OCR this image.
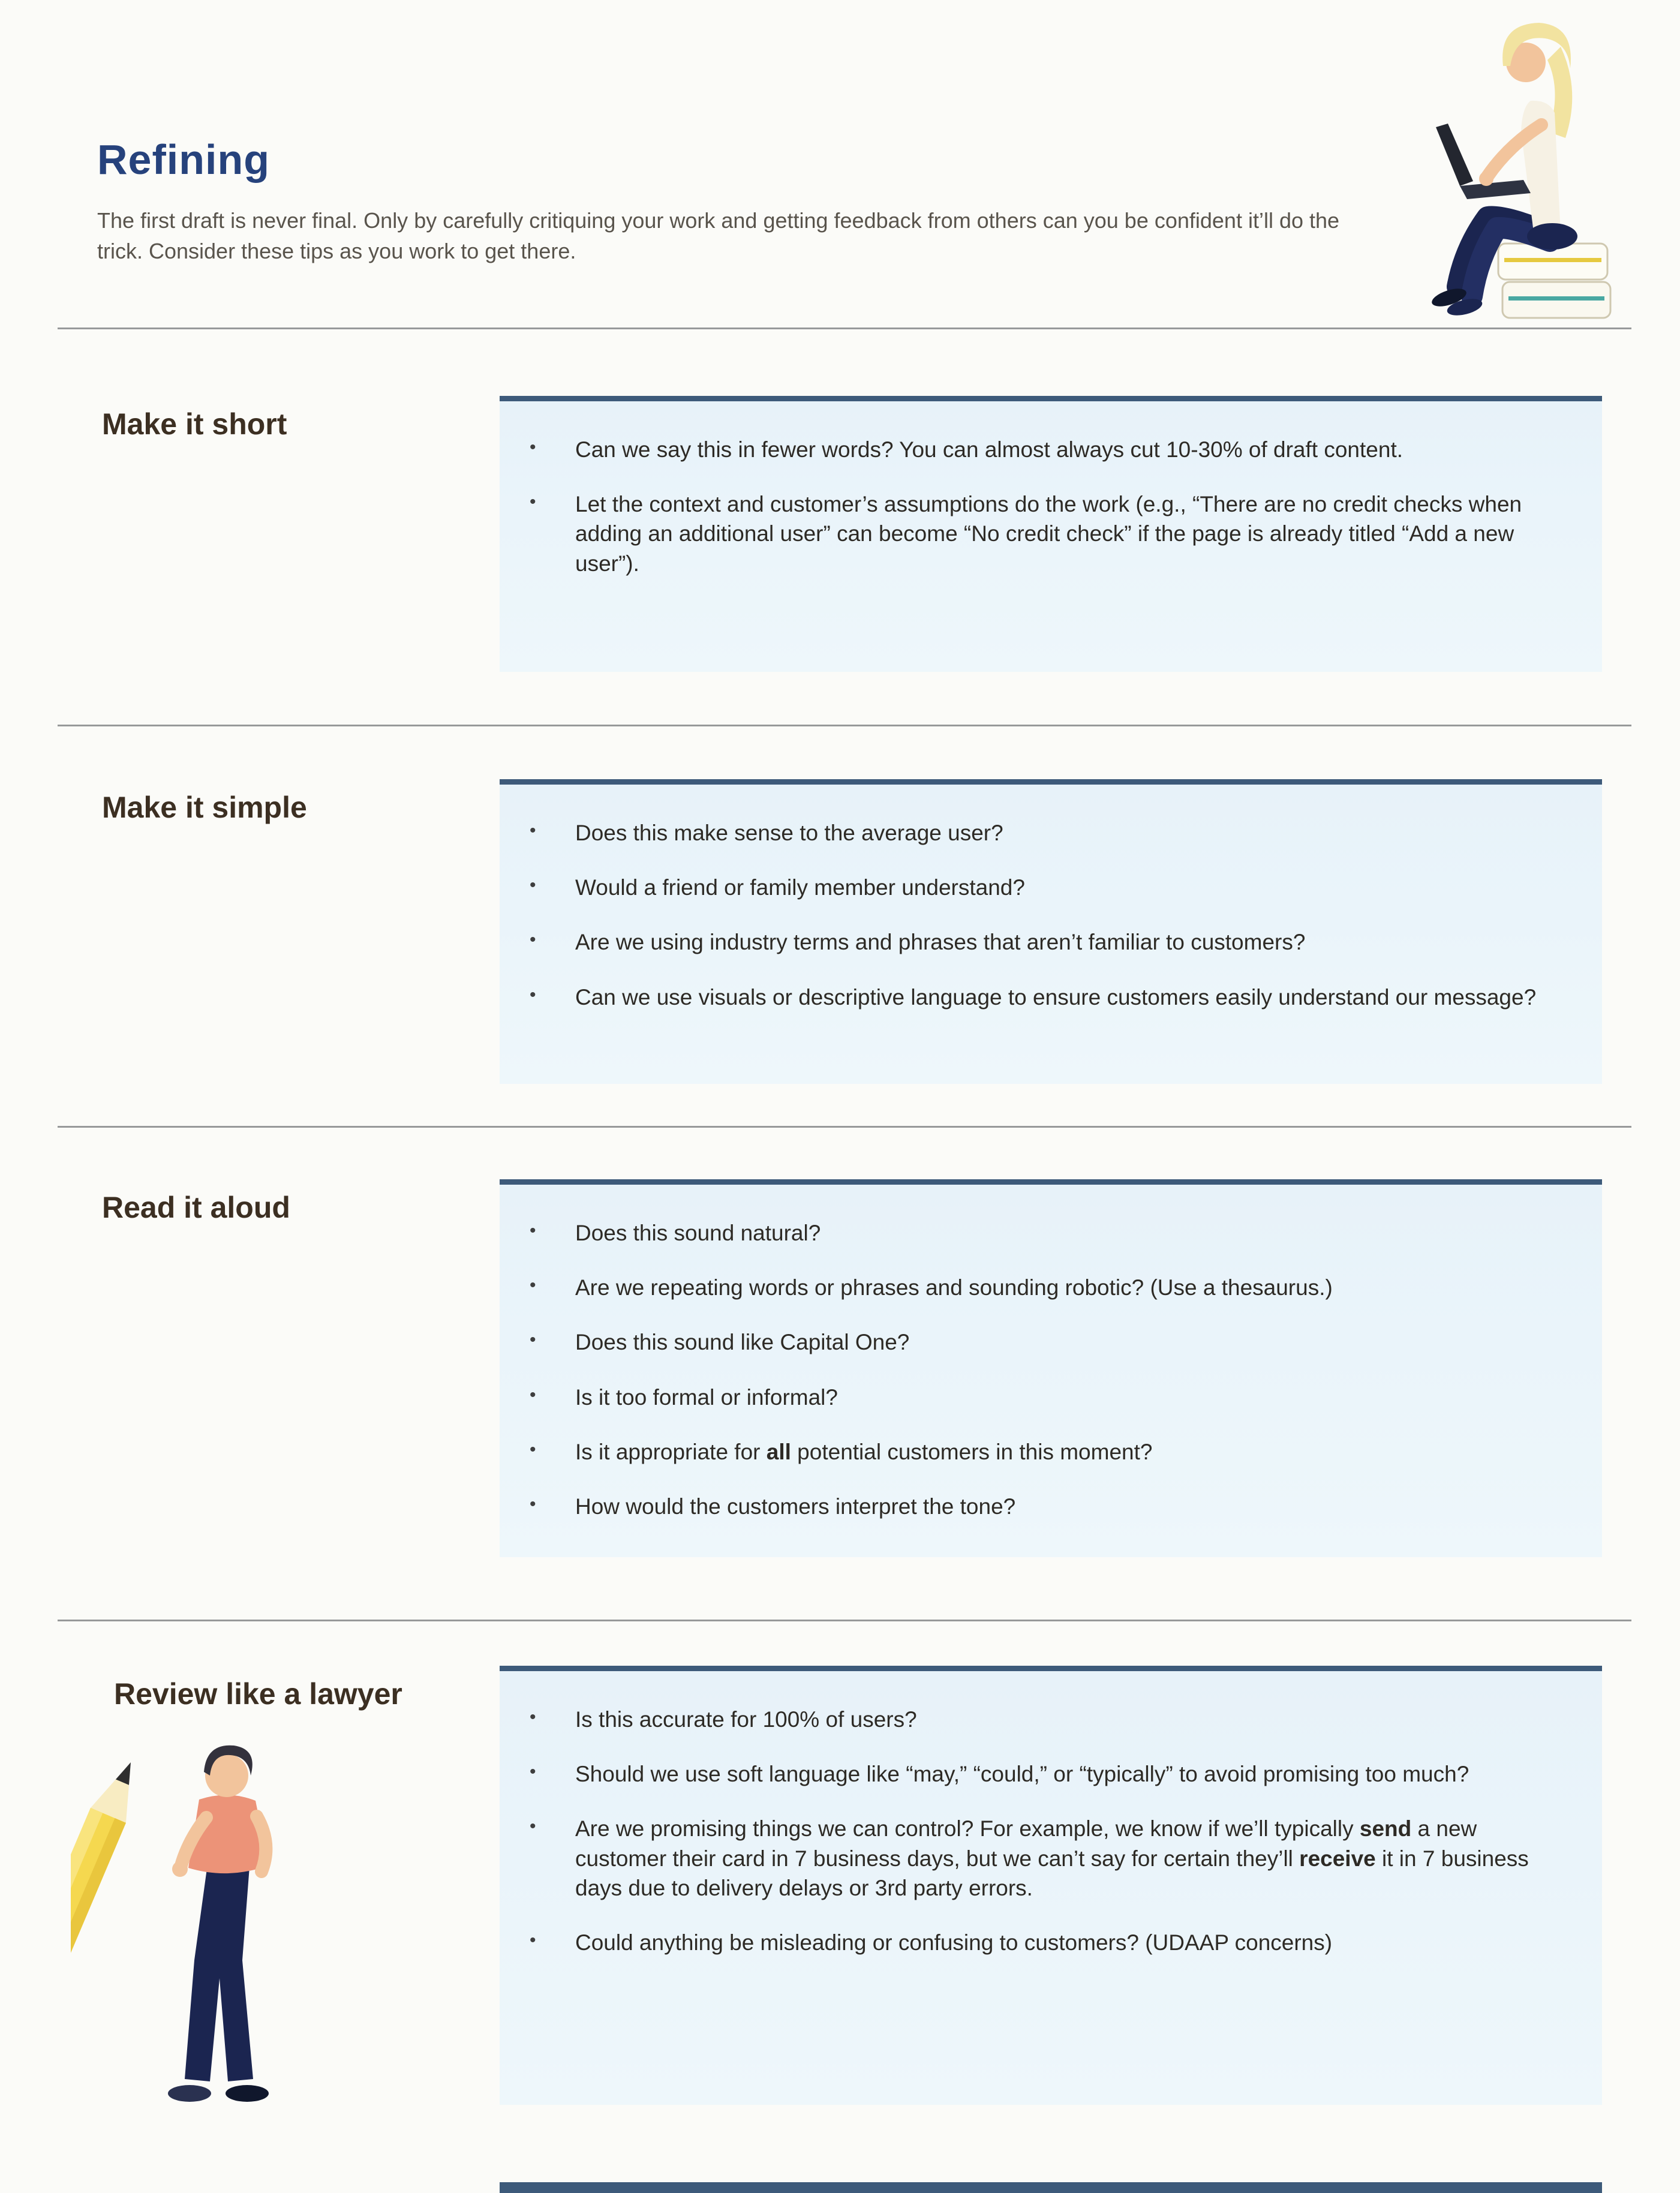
Refining

The first draft is never final. Only by carefully critiquing your work and getting feedback from others can you be confident it’ll do the trick. Consider these tips as you work to get there.

Make it short
• Can we say this in fewer words? You can almost always cut 10-30% of draft content.
• Let the context and customer’s assumptions do the work (e.g., “There are no credit checks when adding an additional user” can become “No credit check” if the page is already titled “Add a new user”).
Make it simple
• Does this make sense to the average user?
• Would a friend or family member understand?
• Are we using industry terms and phrases that aren’t familiar to customers?
• Can we use visuals or descriptive language to ensure customers easily understand our message?
Read it aloud
• Does this sound natural?
• Are we repeating words or phrases and sounding robotic? (Use a thesaurus.)
• Does this sound like Capital One?
• Is it too formal or informal?
• Is it appropriate for all potential customers in this moment?
• How would the customers interpret the tone?
Review like a lawyer
• Is this accurate for 100% of users?
• Should we use soft language like “may,” “could,” or “typically” to avoid promising too much?
• Are we promising things we can control? For example, we know if we’ll typically send a new customer their card in 7 business days, but we can’t say for certain they’ll receive it in 7 business days due to delivery delays or 3rd party errors.
• Could anything be misleading or confusing to customers? (UDAAP concerns)
